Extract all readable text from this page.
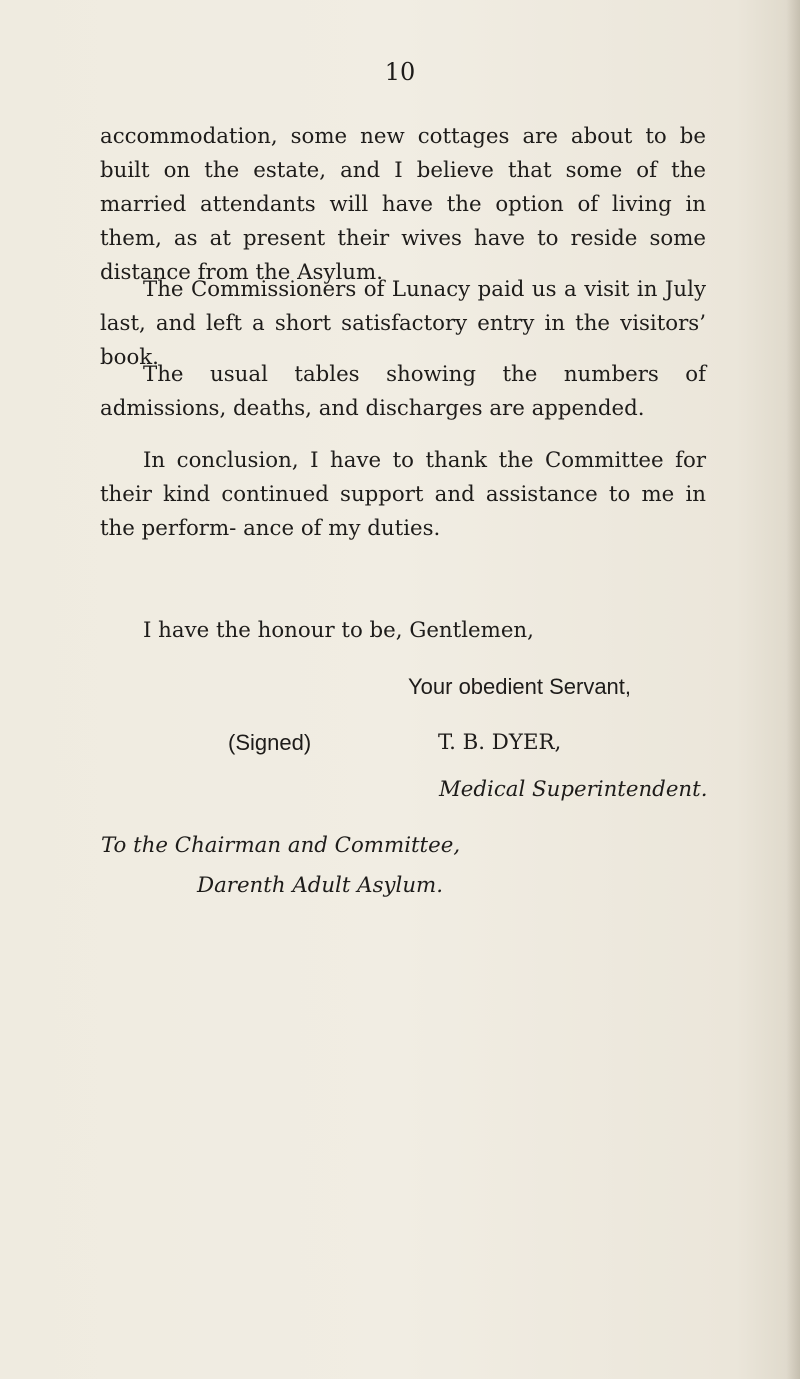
10

accommodation, some new cottages are about to be built on the estate, and I believe that some of the married attendants will have the option of living in them, as at present their wives have to reside some distance from the Asylum.

The Commissioners of Lunacy paid us a visit in July last, and left a short satisfactory entry in the visitors’ book.

The usual tables showing the numbers of admissions, deaths, and discharges are appended.

In conclusion, I have to thank the Committee for their kind continued support and assistance to me in the perform- ance of my duties.

I have the honour to be, Gentlemen,
Your obedient Servant,
(Signed)	T. B. DYER,
Medical Superintendent.
To the Chairman and Committee,
Darenth Adult Asylum.
